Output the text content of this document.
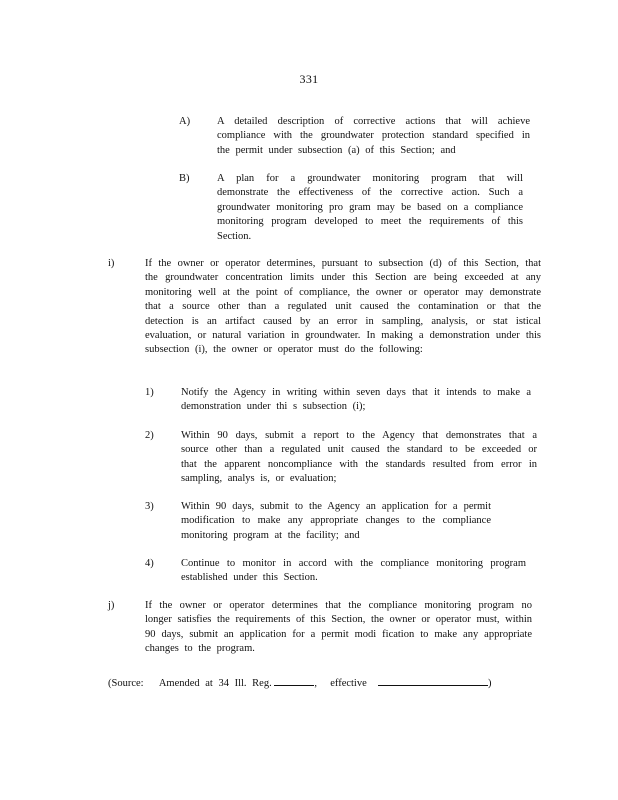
331
A)	A detailed description of corrective actions that will achieve compliance with the groundwater protection standard specified in the permit under subsection (a) of this Section; and
B)	A plan for a groundwater monitoring program that will demonstrate the effectiveness of the corrective action. Such a groundwater monitoring pro gram may be based on a compliance monitoring program developed to meet the requirements of this Section.
i)	If the owner or operator determines, pursuant to subsection (d) of this Section, that the groundwater concentration limits under this Section are being exceeded at any monitoring well at the point of compliance, the owner or operator may demonstrate that a source other than a regulated unit caused the contamination or that the detection is an artifact caused by an error in sampling, analysis, or stat istical evaluation, or natural variation in groundwater. In making a demonstration under this subsection (i), the owner or operator must do the following:
1)	Notify the Agency in writing within seven days that it intends to make a demonstration under thi s subsection (i);
2)	Within 90 days, submit a report to the Agency that demonstrates that a source other than a regulated unit caused the standard to be exceeded or that the apparent noncompliance with the standards resulted from error in sampling, analys is, or evaluation;
3)	Within 90 days, submit to the Agency an application for a permit modification to make any appropriate changes to the compliance monitoring program at the facility; and
4)	Continue to monitor in accord with the compliance monitoring program established under this Section.
j)	If the owner or operator determines that the compliance monitoring program no longer satisfies the requirements of this Section, the owner or operator must, within 90 days, submit an application for a permit modi fication to make any appropriate changes to the program.
(Source: Amended at 34 Ill. Reg.	, effective	)
